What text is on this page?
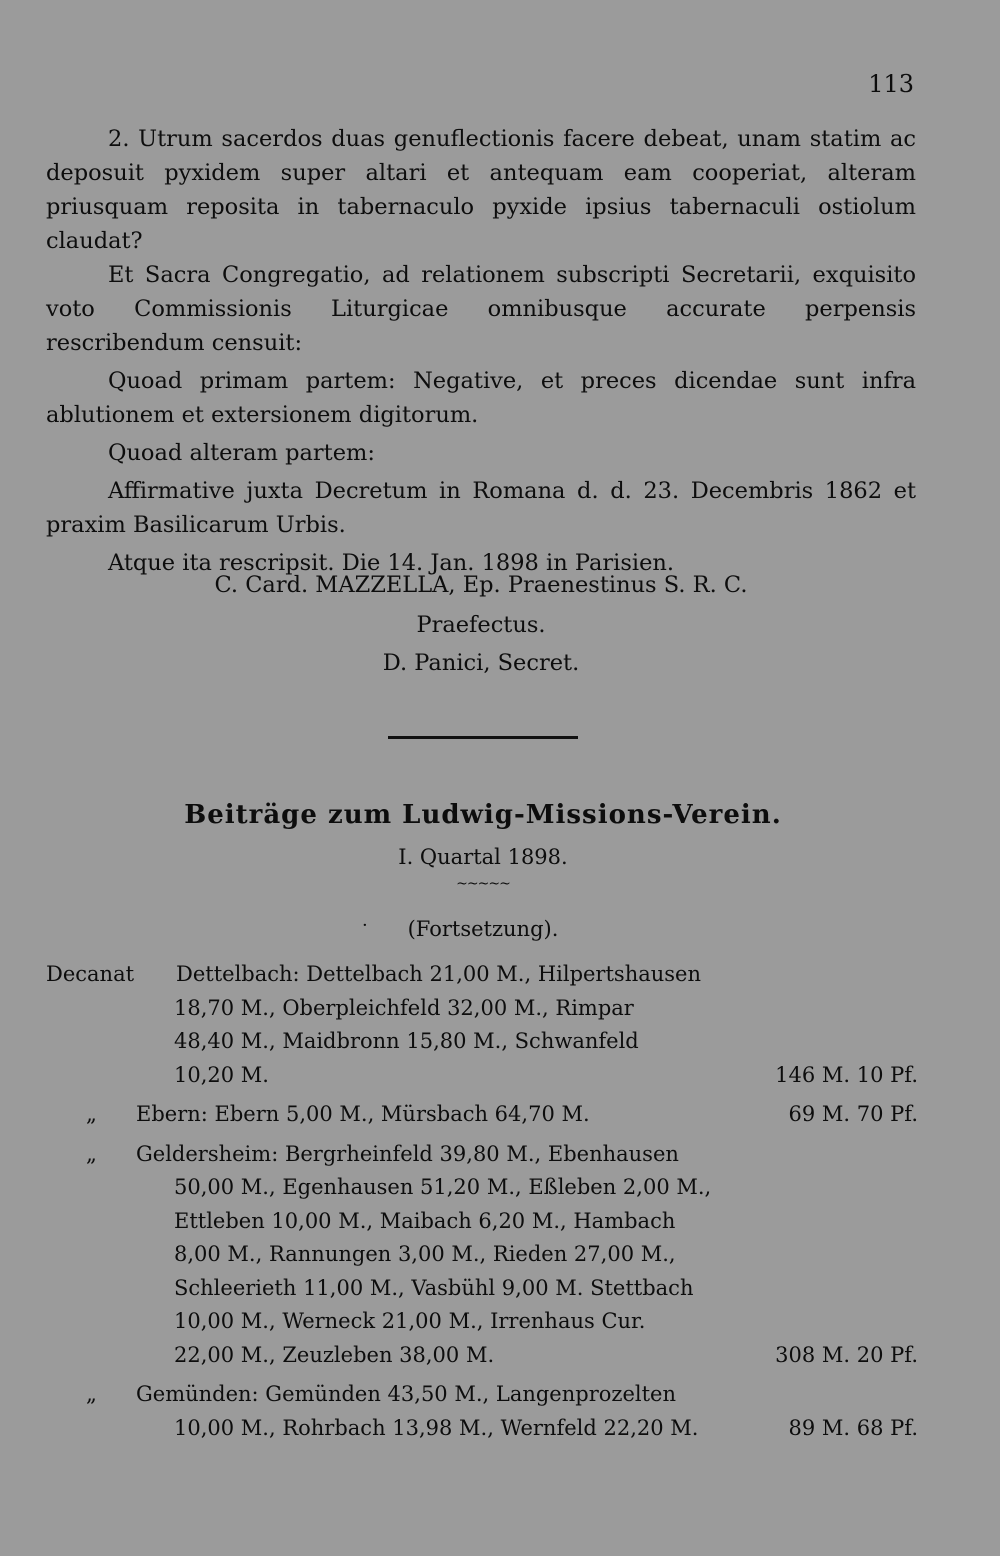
113

2. Utrum sacerdos duas genuflectionis facere debeat, unam statim ac deposuit pyxidem super altari et antequam eam cooperiat, alteram priusquam reposita in tabernaculo pyxide ipsius tabernaculi ostiolum claudat?

Et Sacra Congregatio, ad relationem subscripti Secretarii, exquisito voto Commissionis Liturgicae omnibusque accurate perpensis rescribendum censuit:

Quoad primam partem: Negative, et preces dicendae sunt infra ablutionem et extersionem digitorum.

Quoad alteram partem:

Affirmative juxta Decretum in Romana d. d. 23. Decembris 1862 et praxim Basilicarum Urbis.

Atque ita rescripsit. Die 14. Jan. 1898 in Parisien.

C. Card. MAZZELLA, Ep. Praenestinus S. R. C.
Praefectus.
D. Panici, Secret.
Beiträge zum Ludwig-Missions-Verein.
I. Quartal 1898.
~~~~~
·	(Fortsetzung).
Decanat Dettelbach: Dettelbach 21,00 M., Hilpertshausen
18,70 M., Oberpleichfeld 32,00 M., Rimpar
48,40 M., Maidbronn 15,80 M., Schwanfeld
10,20 M.	146 M. 10 Pf.
„ Ebern: Ebern 5,00 M., Mürsbach 64,70 M.	69 M. 70 Pf.
„ Geldersheim: Bergrheinfeld 39,80 M., Ebenhausen
50,00 M., Egenhausen 51,20 M., Eßleben 2,00 M.,
Ettleben 10,00 M., Maibach 6,20 M., Hambach
8,00 M., Rannungen 3,00 M., Rieden 27,00 M.,
Schleerieth 11,00 M., Vasbühl 9,00 M. Stettbach
10,00 M., Werneck 21,00 M., Irrenhaus Cur.
22,00 M., Zeuzleben 38,00 M.	308 M. 20 Pf.
„ Gemünden: Gemünden 43,50 M., Langenprozelten
10,00 M., Rohrbach 13,98 M., Wernfeld 22,20 M.	89 M. 68 Pf.
